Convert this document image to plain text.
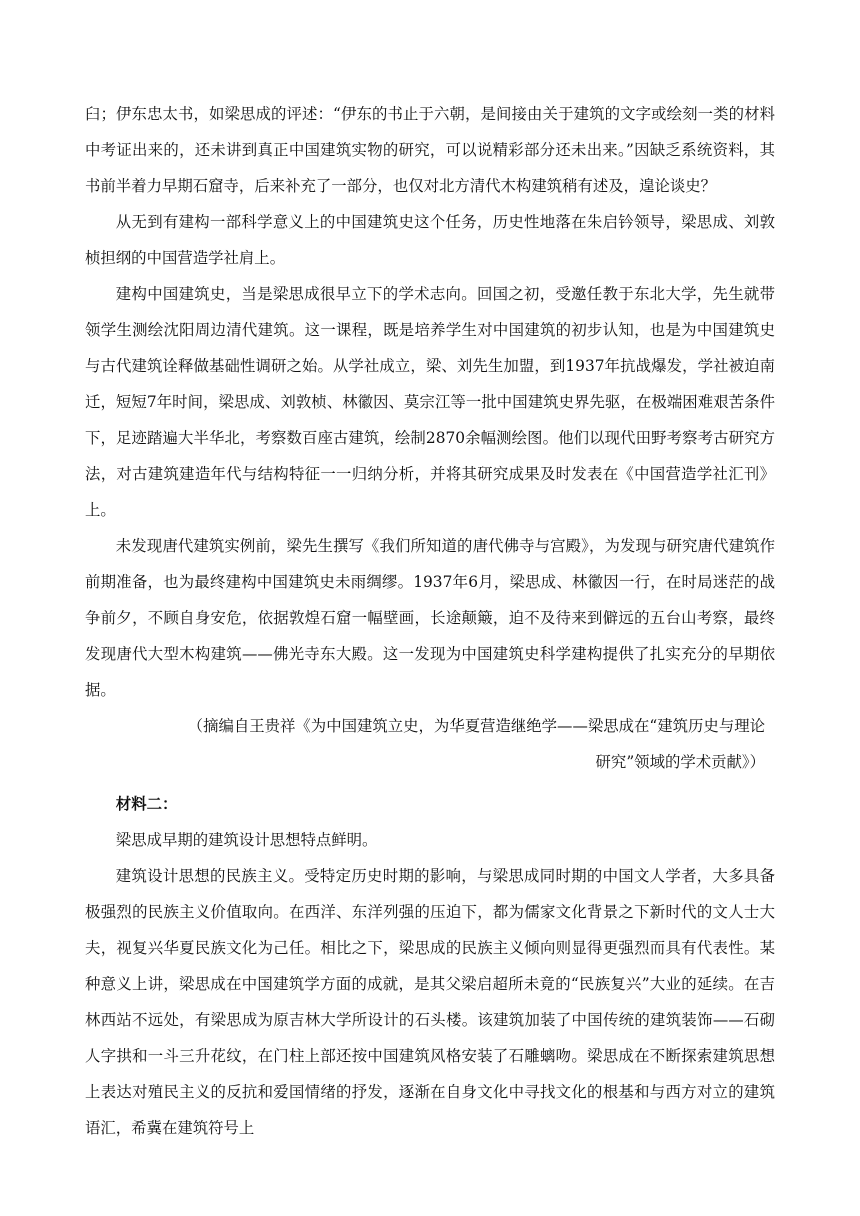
臼；伊东忠太书，如梁思成的评述：“伊东的书止于六朝，是间接由关于建筑的文字或绘刻一类的材料中考证出来的，还未讲到真正中国建筑实物的研究，可以说精彩部分还未出来。”因缺乏系统资料，其书前半着力早期石窟寺，后来补充了一部分，也仅对北方清代木构建筑稍有述及，遑论谈史？

从无到有建构一部科学意义上的中国建筑史这个任务，历史性地落在朱启钤领导，梁思成、刘敦桢担纲的中国营造学社肩上。

建构中国建筑史，当是梁思成很早立下的学术志向。回国之初，受邀任教于东北大学，先生就带领学生测绘沈阳周边清代建筑。这一课程，既是培养学生对中国建筑的初步认知，也是为中国建筑史与古代建筑诠释做基础性调研之始。从学社成立，梁、刘先生加盟，到1937年抗战爆发，学社被迫南迁，短短7年时间，梁思成、刘敦桢、林徽因、莫宗江等一批中国建筑史界先驱，在极端困难艰苦条件下，足迹踏遍大半华北，考察数百座古建筑，绘制2870余幅测绘图。他们以现代田野考察考古研究方法，对古建筑建造年代与结构特征一一归纳分析，并将其研究成果及时发表在《中国营造学社汇刊》上。

未发现唐代建筑实例前，梁先生撰写《我们所知道的唐代佛寺与宫殿》，为发现与研究唐代建筑作前期准备，也为最终建构中国建筑史未雨绸缪。1937年6月，梁思成、林徽因一行，在时局迷茫的战争前夕，不顾自身安危，依据敦煌石窟一幅壁画，长途颠簸，迫不及待来到僻远的五台山考察，最终发现唐代大型木构建筑——佛光寺东大殿。这一发现为中国建筑史科学建构提供了扎实充分的早期依据。

（摘编自王贵祥《为中国建筑立史，为华夏营造继绝学——梁思成在“建筑历史与理论
研究”领域的学术贡献》）

材料二：

梁思成早期的建筑设计思想特点鲜明。

建筑设计思想的民族主义。受特定历史时期的影响，与梁思成同时期的中国文人学者，大多具备极强烈的民族主义价值取向。在西洋、东洋列强的压迫下，都为儒家文化背景之下新时代的文人士大夫，视复兴华夏民族文化为己任。相比之下，梁思成的民族主义倾向则显得更强烈而具有代表性。某种意义上讲，梁思成在中国建筑学方面的成就，是其父梁启超所未竟的“民族复兴”大业的延续。在吉林西站不远处，有梁思成为原吉林大学所设计的石头楼。该建筑加装了中国传统的建筑装饰——石砌人字拱和一斗三升花纹，在门柱上部还按中国建筑风格安装了石雕螭吻。梁思成在不断探索建筑思想上表达对殖民主义的反抗和爱国情绪的抒发，逐渐在自身文化中寻找文化的根基和与西方对立的建筑语汇，希冀在建筑符号上
